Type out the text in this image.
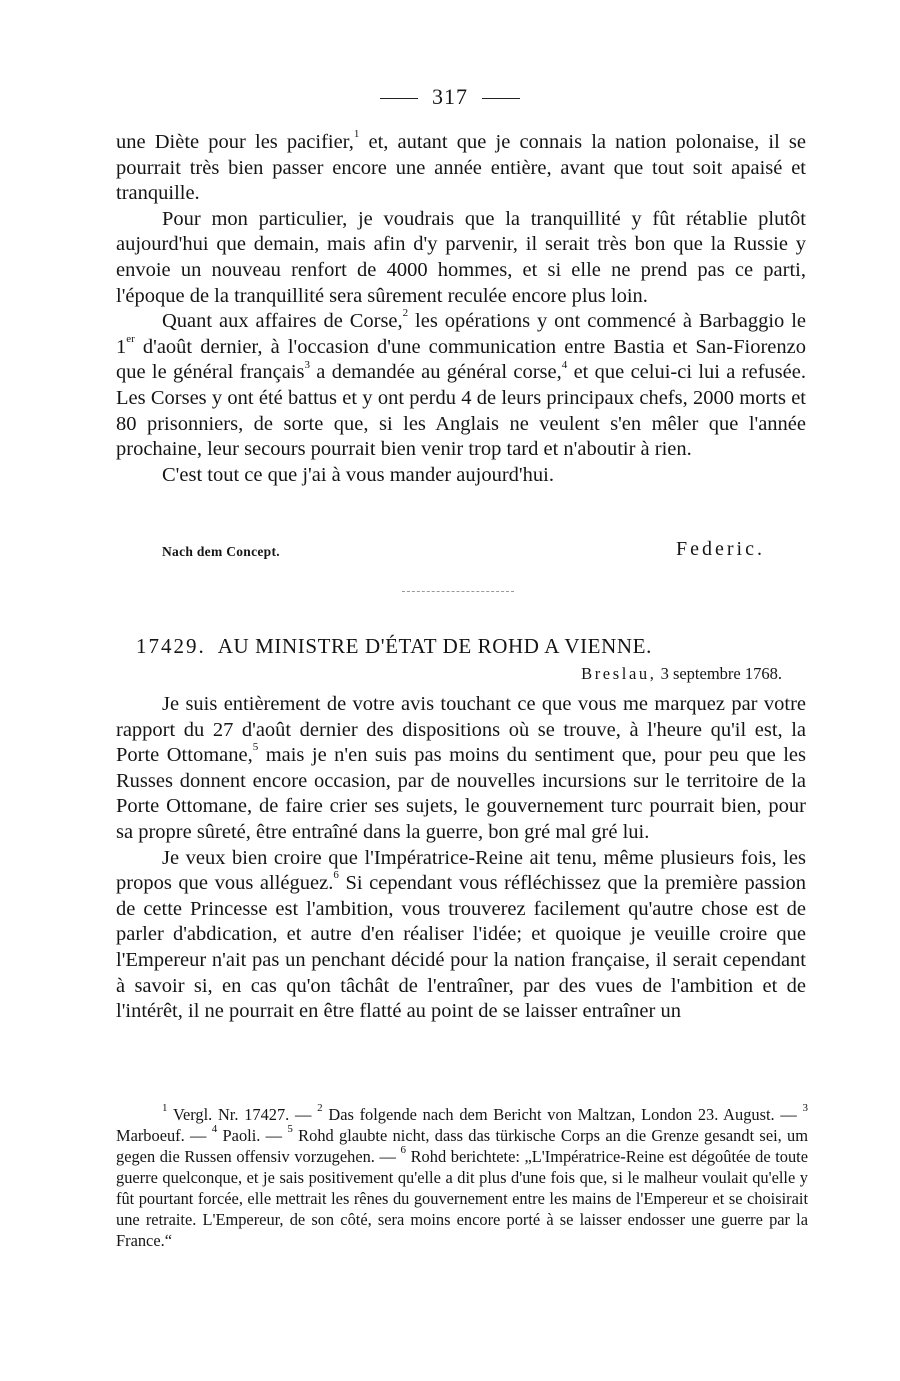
317

une Diète pour les pacifier,$^1$ et, autant que je connais la nation polonaise, il se pourrait très bien passer encore une année entière, avant que tout soit apaisé et tranquille.

Pour mon particulier, je voudrais que la tranquillité y fût rétablie plutôt aujourd'hui que demain, mais afin d'y parvenir, il serait très bon que la Russie y envoie un nouveau renfort de 4000 hommes, et si elle ne prend pas ce parti, l'époque de la tranquillité sera sûrement reculée encore plus loin.

Quant aux affaires de Corse,$^2$ les opérations y ont commencé à Barbaggio le 1er d'août dernier, à l'occasion d'une communication entre Bastia et San-Fiorenzo que le général français$^3$ a demandée au général corse,$^4$ et que celui-ci lui a refusée. Les Corses y ont été battus et y ont perdu 4 de leurs principaux chefs, 2000 morts et 80 prisonniers, de sorte que, si les Anglais ne veulent s'en mêler que l'année prochaine, leur secours pourrait bien venir trop tard et n'aboutir à rien.

C'est tout ce que j'ai à vous mander aujourd'hui.

Nach dem Concept.	Federic.
17429. AU MINISTRE D'ÉTAT DE ROHD A VIENNE.
Breslau, 3 septembre 1768.

Je suis entièrement de votre avis touchant ce que vous me marquez par votre rapport du 27 d'août dernier des dispositions où se trouve, à l'heure qu'il est, la Porte Ottomane,$^5$ mais je n'en suis pas moins du sentiment que, pour peu que les Russes donnent encore occasion, par de nouvelles incursions sur le territoire de la Porte Ottomane, de faire crier ses sujets, le gouvernement turc pourrait bien, pour sa propre sûreté, être entraîné dans la guerre, bon gré mal gré lui.

Je veux bien croire que l'Impératrice-Reine ait tenu, même plusieurs fois, les propos que vous alléguez.$^6$ Si cependant vous réfléchissez que la première passion de cette Princesse est l'ambition, vous trouverez facilement qu'autre chose est de parler d'abdication, et autre d'en réaliser l'idée; et quoique je veuille croire que l'Empereur n'ait pas un penchant décidé pour la nation française, il serait cependant à savoir si, en cas qu'on tâchât de l'entraîner, par des vues de l'ambition et de l'intérêt, il ne pourrait en être flatté au point de se laisser entraîner un

$^1$ Vergl. Nr. 17427. — $^2$ Das folgende nach dem Bericht von Maltzan, London 23. August. — $^3$ Marboeuf. — $^4$ Paoli. — $^5$ Rohd glaubte nicht, dass das türkische Corps an die Grenze gesandt sei, um gegen die Russen offensiv vorzugehen. — $^6$ Rohd berichtete: „L'Impératrice-Reine est dégoûtée de toute guerre quelconque, et je sais positivement qu'elle a dit plus d'une fois que, si le malheur voulait qu'elle y fût pourtant forcée, elle mettrait les rênes du gouvernement entre les mains de l'Empereur et se choisirait une retraite. L'Empereur, de son côté, sera moins encore porté à se laisser endosser une guerre par la France.“
